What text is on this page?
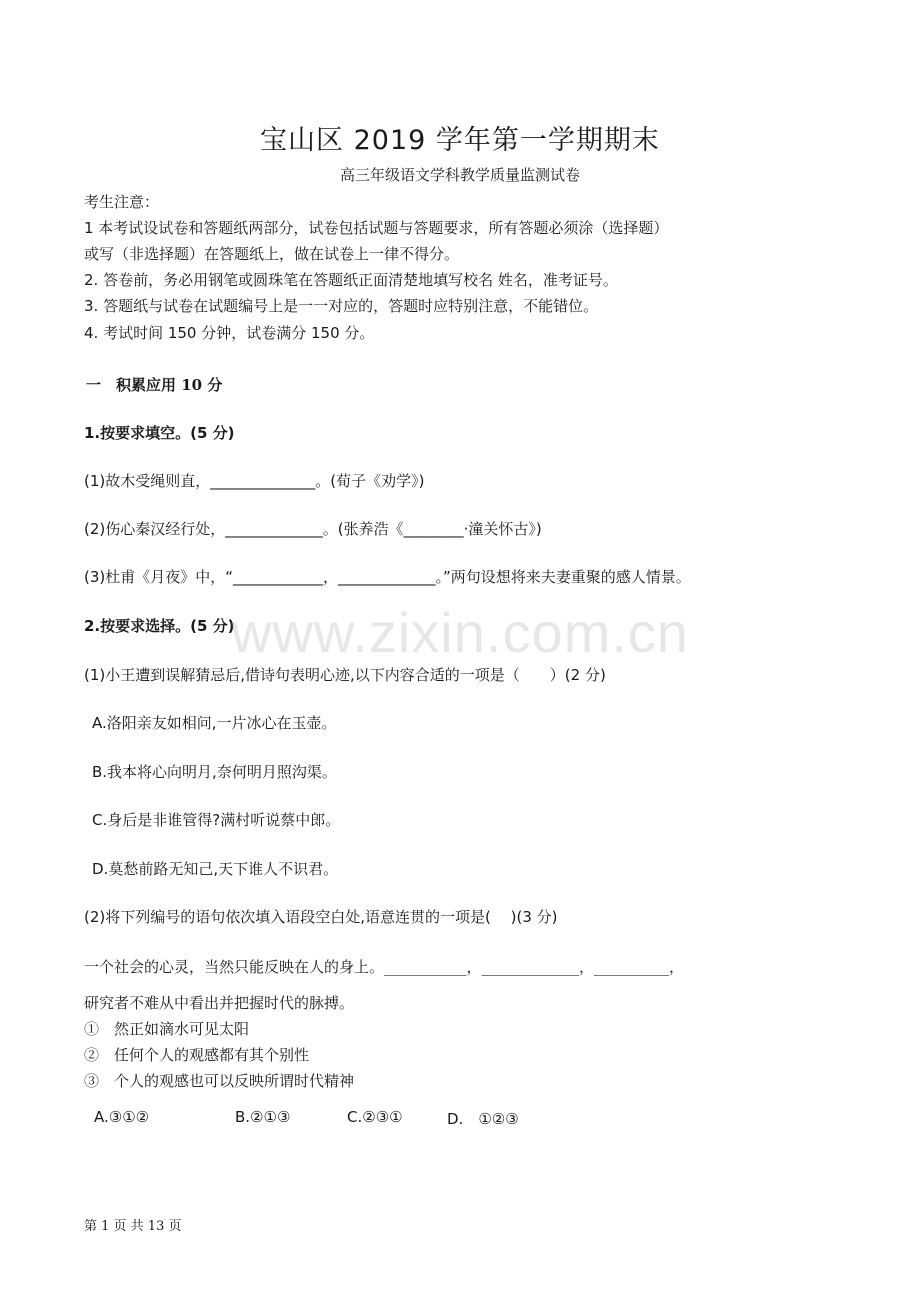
宝山区 2019 学年第一学期期末
高三年级语文学科教学质量监测试卷
考生注意：
1 本考试设试卷和答题纸两部分，试卷包括试题与答题要求，所有答题必须涂（选择题）
或写（非选择题）在答题纸上，做在试卷上一律不得分。
2. 答卷前，务必用钢笔或圆珠笔在答题纸正面清楚地填写校名 姓名，准考证号。
3. 答题纸与试卷在试题编号上是一一对应的，答题时应特别注意，不能错位。
4. 考试时间 150 分钟，试卷满分 150 分。
一　积累应用 10 分
1.按要求填空。(5 分)
(1)故木受绳则直，______________。(荀子《劝学》)
(2)伤心秦汉经行处，_____________。(张养浩《________·潼关怀古》)
(3)杜甫《月夜》中，“____________，_____________。”两句设想将来夫妻重聚的感人情景。
2.按要求选择。(5 分)
www.zixin.com.cn
(1)小王遭到误解猜忌后,借诗句表明心迹,以下内容合适的一项是（　　）(2 分)
A.洛阳亲友如相问,一片冰心在玉壶。
B.我本将心向明月,奈何明月照沟渠。
C.身后是非谁管得?满村听说蔡中郎。
D.莫愁前路无知己,天下谁人不识君。
(2)将下列编号的语句依次填入语段空白处,语意连贯的一项是(　 )(3 分)
一个社会的心灵，当然只能反映在人的身上。___________，_____________，__________，
研究者不难从中看出并把握时代的脉搏。
①　然正如滴水可见太阳
②　任何个人的观感都有其个别性
③　个人的观感也可以反映所谓时代精神
A.③①②	B.②①③	C.②③①	D.　①②③
第 1 页 共 13 页
